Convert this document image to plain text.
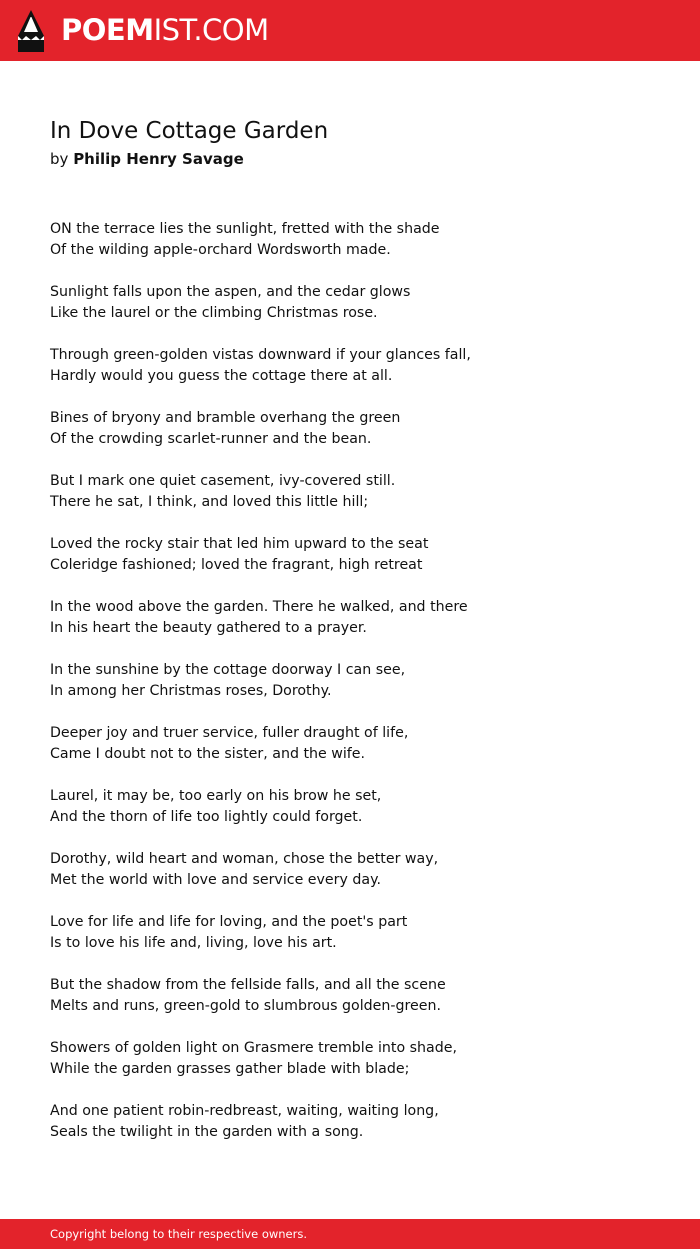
POEMIST.COM
In Dove Cottage Garden
by Philip Henry Savage
ON the terrace lies the sunlight, fretted with the shade
Of the wilding apple-orchard Wordsworth made.
Sunlight falls upon the aspen, and the cedar glows
Like the laurel or the climbing Christmas rose.
Through green-golden vistas downward if your glances fall,
Hardly would you guess the cottage there at all.
Bines of bryony and bramble overhang the green
Of the crowding scarlet-runner and the bean.
But I mark one quiet casement, ivy-covered still.
There he sat, I think, and loved this little hill;
Loved the rocky stair that led him upward to the seat
Coleridge fashioned; loved the fragrant, high retreat
In the wood above the garden. There he walked, and there
In his heart the beauty gathered to a prayer.
In the sunshine by the cottage doorway I can see,
In among her Christmas roses, Dorothy.
Deeper joy and truer service, fuller draught of life,
Came I doubt not to the sister, and the wife.
Laurel, it may be, too early on his brow he set,
And the thorn of life too lightly could forget.
Dorothy, wild heart and woman, chose the better way,
Met the world with love and service every day.
Love for life and life for loving, and the poet's part
Is to love his life and, living, love his art.
But the shadow from the fellside falls, and all the scene
Melts and runs, green-gold to slumbrous golden-green.
Showers of golden light on Grasmere tremble into shade,
While the garden grasses gather blade with blade;
And one patient robin-redbreast, waiting, waiting long,
Seals the twilight in the garden with a song.
Copyright belong to their respective owners.
